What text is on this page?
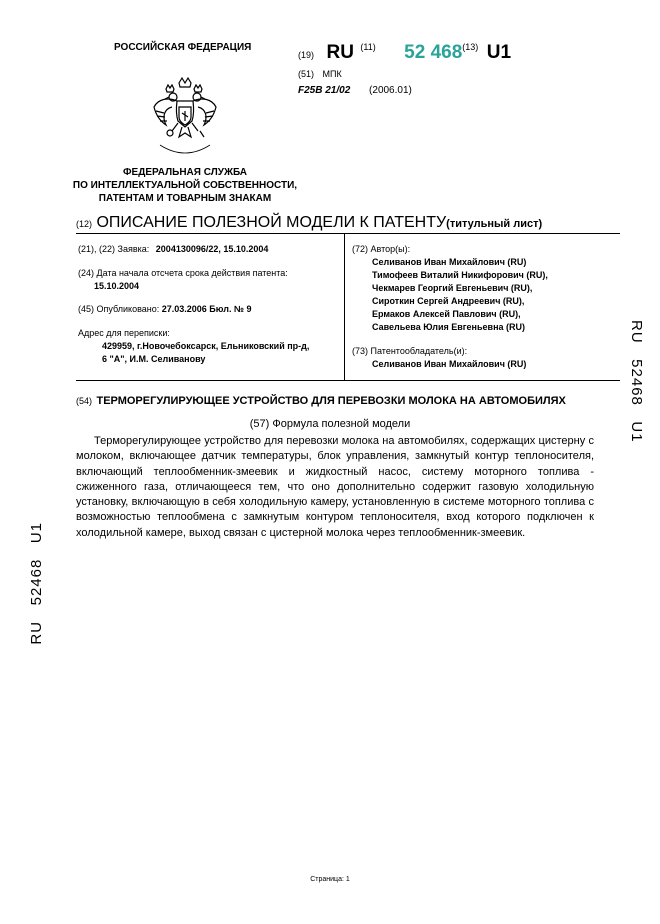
РОССИЙСКАЯ ФЕДЕРАЦИЯ
ФЕДЕРАЛЬНАЯ СЛУЖБА
ПО ИНТЕЛЛЕКТУАЛЬНОЙ СОБСТВЕННОСТИ,
ПАТЕНТАМ И ТОВАРНЫМ ЗНАКАМ
(19) RU $^{(11)}$ 52 468$^{(13)}$ U1
(51) МПК
F25B 21/02 (2006.01)
(12) ОПИСАНИЕ ПОЛЕЗНОЙ МОДЕЛИ К ПАТЕНТУ(титульный лист)
(21), (22) Заявка: 2004130096/22, 15.10.2004
(24) Дата начала отсчета срока действия патента:
15.10.2004
(45) Опубликовано: 27.03.2006 Бюл. № 9
Адрес для переписки:
429959, г.Новочебоксарск, Ельниковский пр-д,
6 "А", И.М. Селиванову
(72) Автор(ы):
Селиванов Иван Михайлович (RU)
Тимофеев Виталий Никифорович (RU),
Чекмарев Георгий Евгеньевич (RU),
Сироткин Сергей Андреевич (RU),
Ермаков Алексей Павлович (RU),
Савельева Юлия Евгеньевна (RU)
(73) Патентообладатель(и):
Селиванов Иван Михайлович (RU)
(54) ТЕРМОРЕГУЛИРУЮЩЕЕ УСТРОЙСТВО ДЛЯ ПЕРЕВОЗКИ МОЛОКА НА АВТОМОБИЛЯХ
(57) Формула полезной модели

Терморегулирующее устройство для перевозки молока на автомобилях, содержащих цистерну с молоком, включающее датчик температуры, блок управления, замкнутый контур теплоносителя, включающий теплообменник-змеевик и жидкостный насос, систему моторного топлива - сжиженного газа, отличающееся тем, что оно дополнительно содержит газовую холодильную установку, включающую в себя холодильную камеру, установленную в системе моторного топлива с возможностью теплообмена с замкнутым контуром теплоносителя, вход которого подключен к холодильной камере, выход связан с цистерной молока через теплообменник-змеевик.

RU   52468   U1
RU   52468   U1
Страница: 1
